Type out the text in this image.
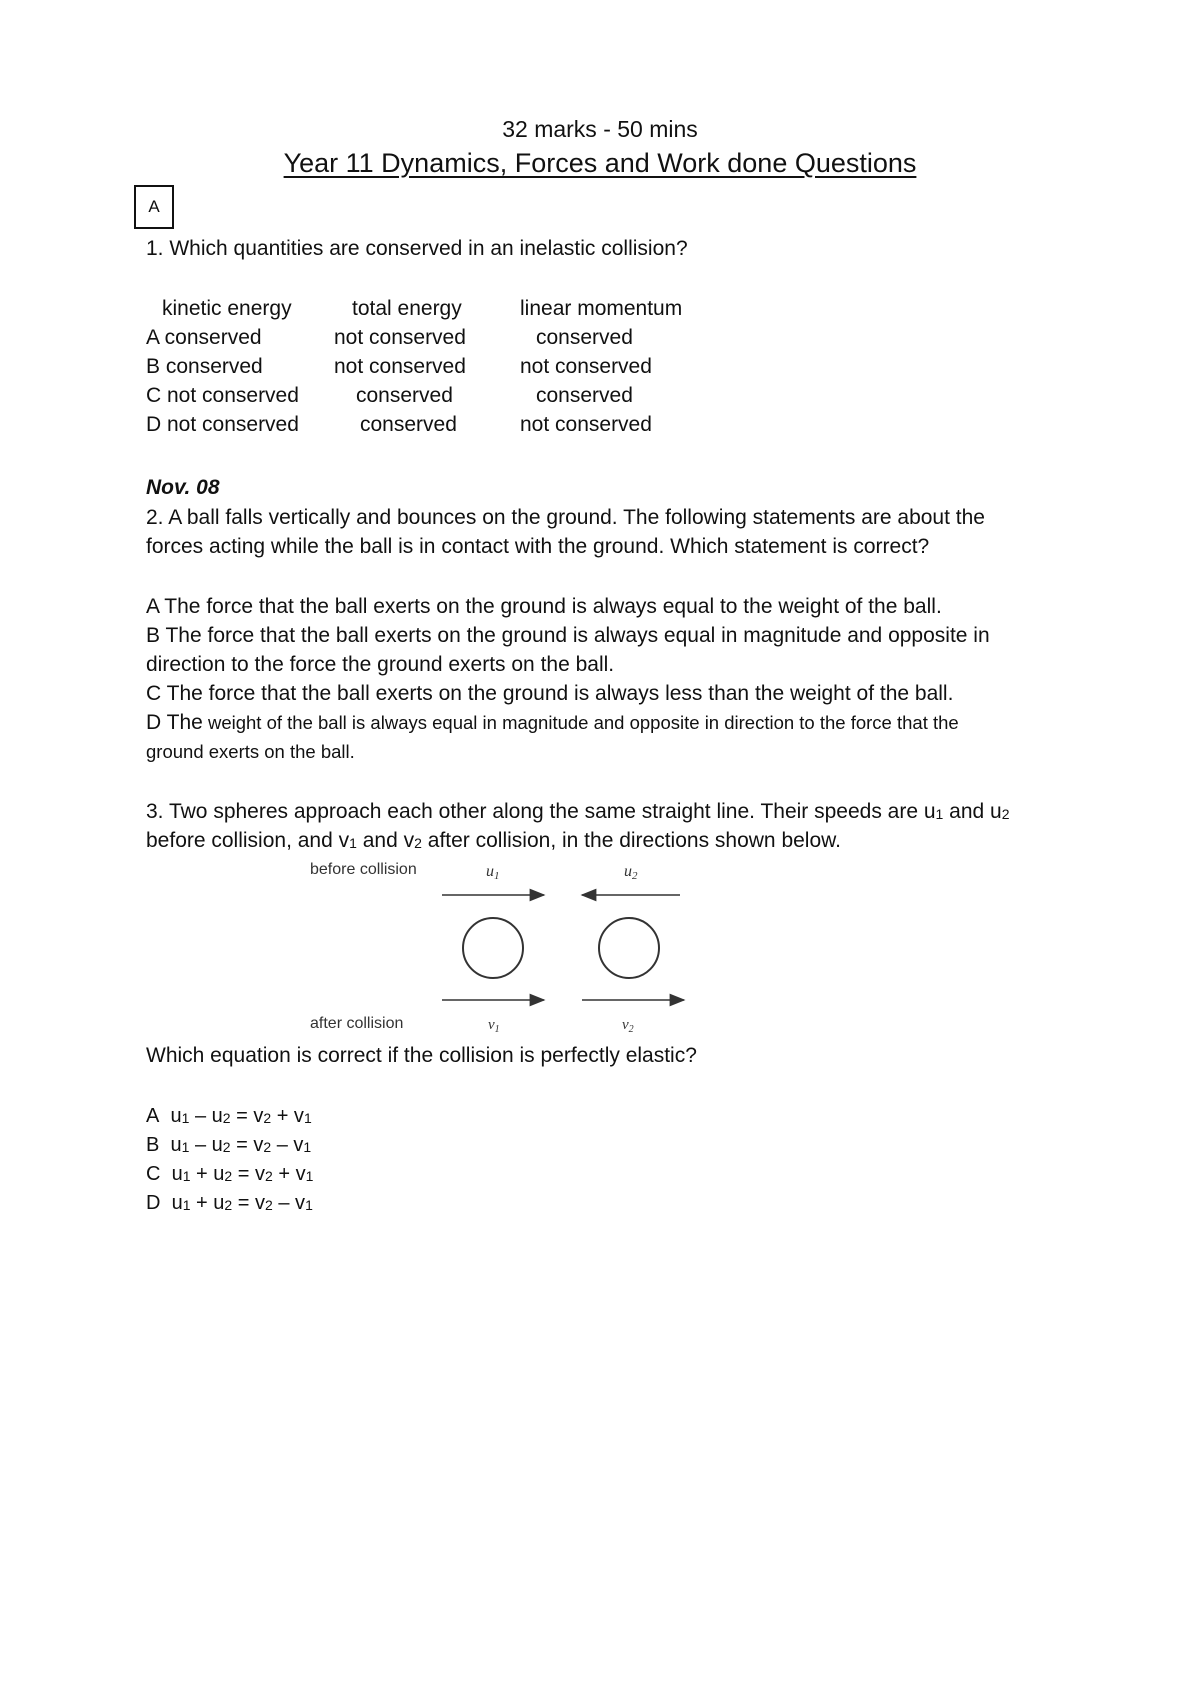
32 marks - 50 mins
Year 11 Dynamics, Forces and Work done Questions
A
1. Which quantities are conserved in an inelastic collision?
kinetic energy	total energy	linear momentum
A conserved	not conserved	conserved
B conserved	not conserved	not conserved
C not conserved	conserved	conserved
D not conserved	conserved	not conserved
Nov. 08
2. A ball falls vertically and bounces on the ground. The following statements are about the
forces acting while the ball is in contact with the ground. Which statement is correct?
A The force that the ball exerts on the ground is always equal to the weight of the ball.
B The force that the ball exerts on the ground is always equal in magnitude and opposite in
direction to the force the ground exerts on the ball.
C The force that the ball exerts on the ground is always less than the weight of the ball.
D The weight of the ball is always equal in magnitude and opposite in direction to the force that the
ground exerts on the ball.
3. Two spheres approach each other along the same straight line. Their speeds are $u_1$ and $u_2$
before collision, and $v_1$ and $v_2$ after collision, in the directions shown below.
before collision
after collision
u1	u2
$v_1$	$v_2$
Which equation is correct if the collision is perfectly elastic?
A $u_1 - u_2 = v_2 + v_1$
B $u_1 - u_2 = v_2 - v_1$
C $u_1 + u_2 = v_2 + v_1$
D $u_1 + u_2 = v_2 - v_1$
